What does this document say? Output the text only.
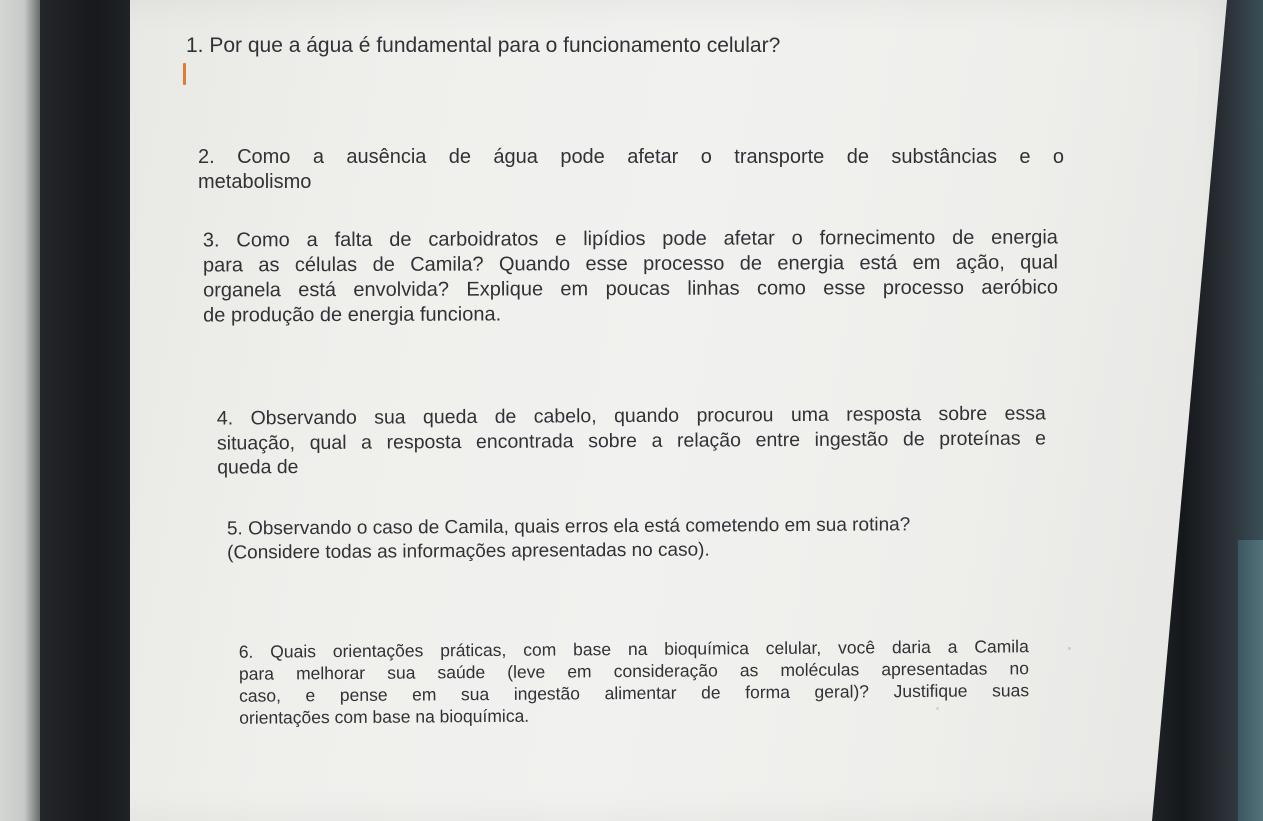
1. Por que a água é fundamental para o funcionamento celular?
2. Como a ausência de água pode afetar o transporte de substâncias e o
metabolismo
3. Como a falta de carboidratos e lipídios pode afetar o fornecimento de energia
para as células de Camila? Quando esse processo de energia está em ação, qual
organela está envolvida? Explique em poucas linhas como esse processo aeróbico
de produção de energia funciona.
4. Observando sua queda de cabelo, quando procurou uma resposta sobre essa
situação, qual a resposta encontrada sobre a relação entre ingestão de proteínas e
queda de
5. Observando o caso de Camila, quais erros ela está cometendo em sua rotina?
(Considere todas as informações apresentadas no caso).
6. Quais orientações práticas, com base na bioquímica celular, você daria a Camila
para melhorar sua saúde (leve em consideração as moléculas apresentadas no
caso, e pense em sua ingestão alimentar de forma geral)? Justifique suas
orientações com base na bioquímica.
